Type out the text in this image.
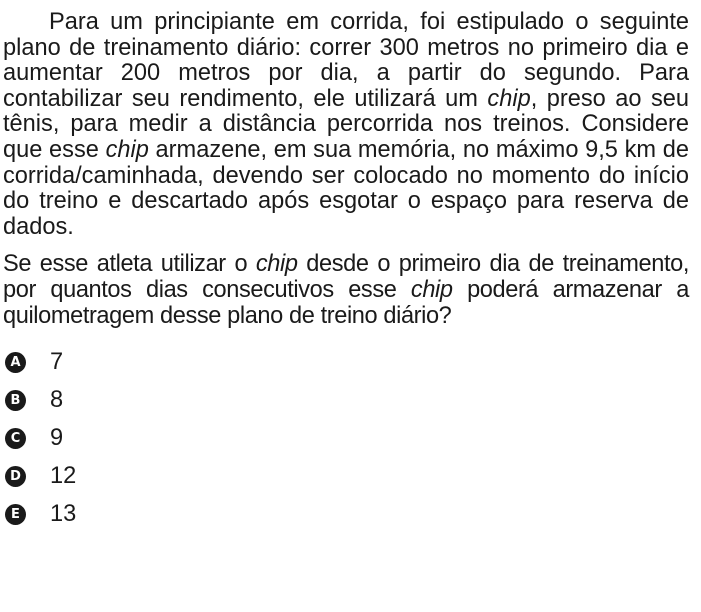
Para um principiante em corrida, foi estipulado o seguinte plano de treinamento diário: correr 300 metros no primeiro dia e aumentar 200 metros por dia, a partir do segundo. Para contabilizar seu rendimento, ele utilizará um chip, preso ao seu tênis, para medir a distância percorrida nos treinos. Considere que esse chip armazene, em sua memória, no máximo 9,5 km de corrida/caminhada, devendo ser colocado no momento do início do treino e descartado após esgotar o espaço para reserva de dados.

Se esse atleta utilizar o chip desde o primeiro dia de treinamento, por quantos dias consecutivos esse chip poderá armazenar a quilometragem desse plano de treino diário?

A 7
B 8
C 9
D 12
E 13
